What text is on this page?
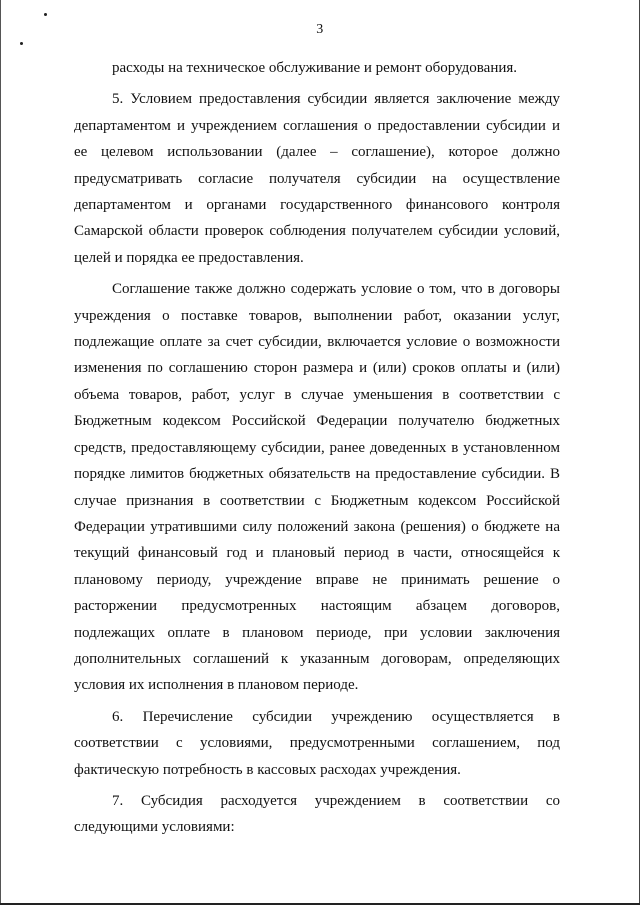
3

расходы на техническое обслуживание и ремонт оборудования.

5. Условием предоставления субсидии является заключение между департаментом и учреждением соглашения о предоставлении субсидии и ее целевом использовании (далее – соглашение), которое должно предусматривать согласие получателя субсидии на осуществление департаментом и органами государственного финансового контроля Самарской области проверок соблюдения получателем субсидии условий, целей и порядка ее предоставления.

Соглашение также должно содержать условие о том, что в договоры учреждения о поставке товаров, выполнении работ, оказании услуг, подлежащие оплате за счет субсидии, включается условие о возможности изменения по соглашению сторон размера и (или) сроков оплаты и (или) объема товаров, работ, услуг в случае уменьшения в соответствии с Бюджетным кодексом Российской Федерации получателю бюджетных средств, предоставляющему субсидии, ранее доведенных в установленном порядке лимитов бюджетных обязательств на предоставление субсидии. В случае признания в соответствии с Бюджетным кодексом Российской Федерации утратившими силу положений закона (решения) о бюджете на текущий финансовый год и плановый период в части, относящейся к плановому периоду, учреждение вправе не принимать решение о расторжении предусмотренных настоящим абзацем договоров, подлежащих оплате в плановом периоде, при условии заключения дополнительных соглашений к указанным договорам, определяющих условия их исполнения в плановом периоде.

6. Перечисление субсидии учреждению осуществляется в соответствии с условиями, предусмотренными соглашением, под фактическую потребность в кассовых расходах учреждения.

7. Субсидия расходуется учреждением в соответствии со следующими условиями:
